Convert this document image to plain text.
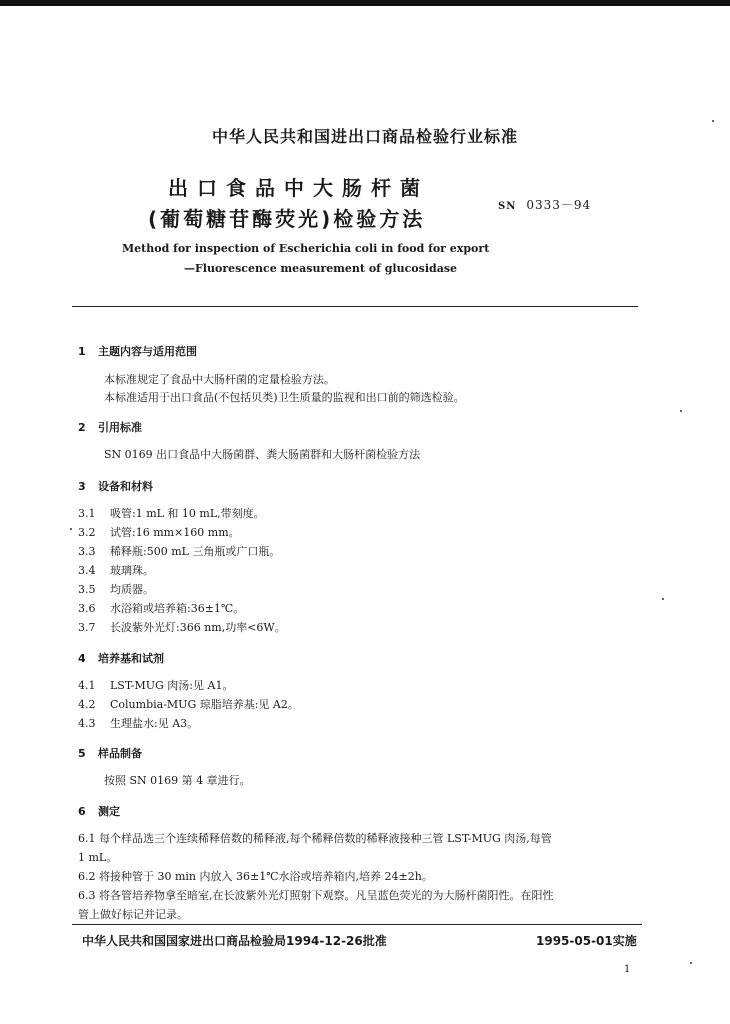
中华人民共和国进出口商品检验行业标准
出口食品中大肠杆菌
(葡萄糖苷酶荧光)检验方法
SN 0333－94
Method for inspection of Escherichia coli in food for export
—Fluorescence measurement of glucosidase
1 主题内容与适用范围
本标准规定了食品中大肠杆菌的定量检验方法。
本标准适用于出口食品(不包括贝类)卫生质量的监视和出口前的筛选检验。
2 引用标准
SN 0169 出口食品中大肠菌群、粪大肠菌群和大肠杆菌检验方法
3 设备和材料
3.1 吸管:1 mL 和 10 mL,带刻度。
3.2 试管:16 mm×160 mm。
3.3 稀释瓶:500 mL 三角瓶或广口瓶。
3.4 玻璃珠。
3.5 均质器。
3.6 水浴箱或培养箱:36±1℃。
3.7 长波紫外光灯:366 nm,功率<6W。
4 培养基和试剂
4.1 LST-MUG 肉汤:见 A1。
4.2 Columbia-MUG 琼脂培养基:见 A2。
4.3 生理盐水:见 A3。
5 样品制备
按照 SN 0169 第 4 章进行。
6 测定
6.1 每个样品选三个连续稀释倍数的稀释液,每个稀释倍数的稀释液接种三管 LST-MUG 肉汤,每管
1 mL。
6.2 将接种管于 30 min 内放入 36±1℃水浴或培养箱内,培养 24±2h。
6.3 将各管培养物拿至暗室,在长波紫外光灯照射下观察。凡呈蓝色荧光的为大肠杆菌阳性。在阳性
管上做好标记并记录。
中华人民共和国国家进出口商品检验局1994-12-26批准	1995-05-01实施
1
